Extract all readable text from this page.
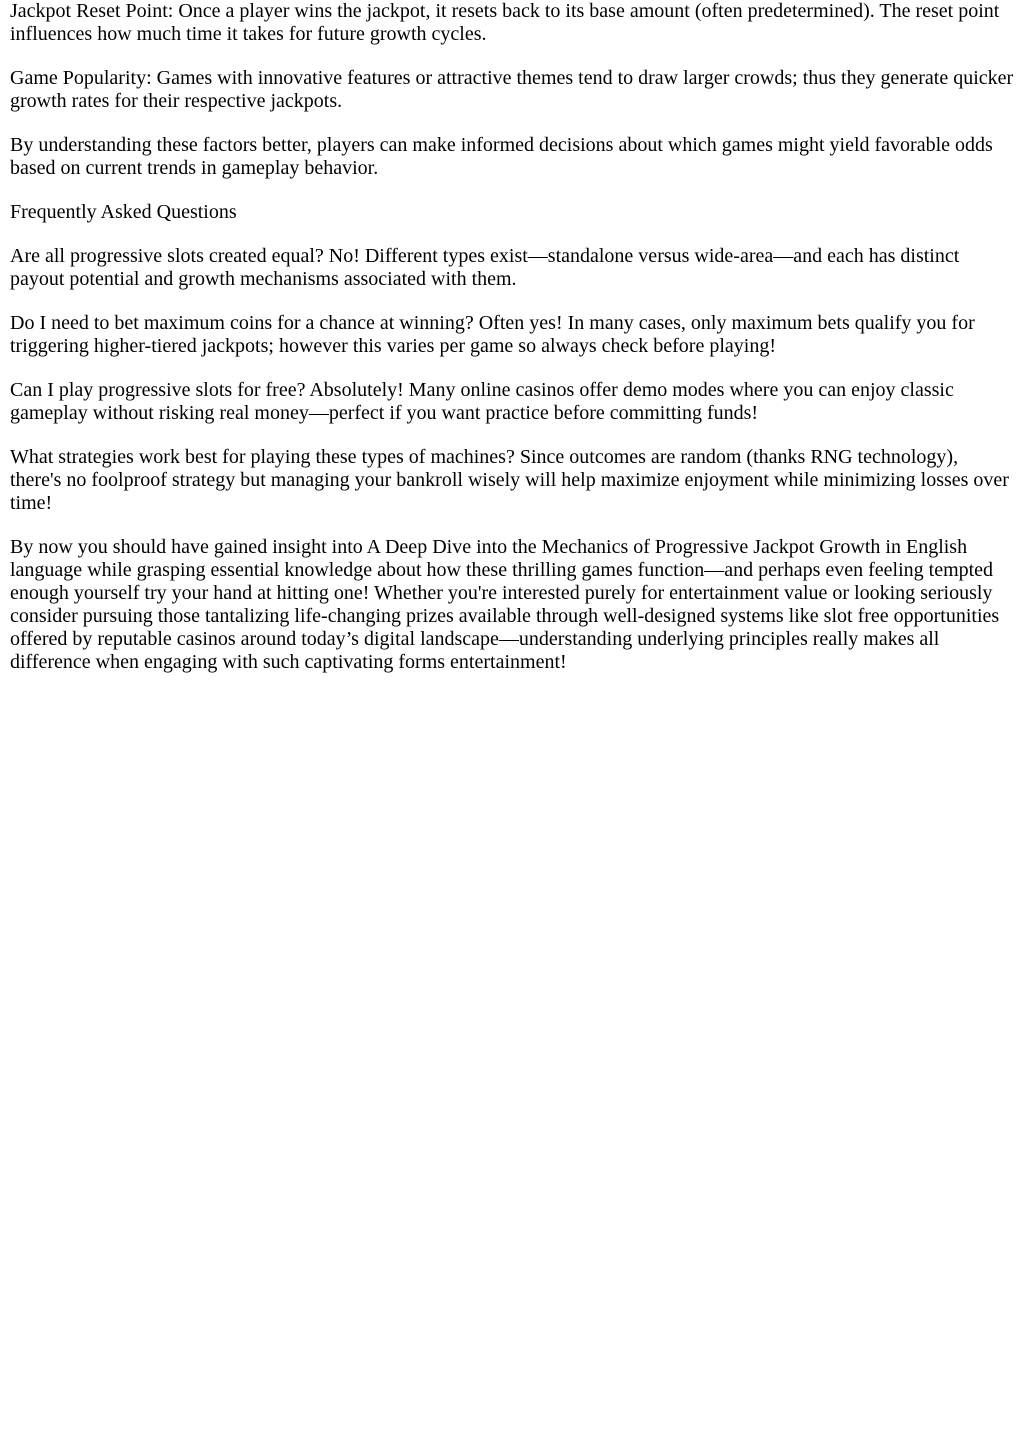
Jackpot Reset Point: Once a player wins the jackpot, it resets back to its base amount (often predetermined). The reset point influences how much time it takes for future growth cycles.

Game Popularity: Games with innovative features or attractive themes tend to draw larger crowds; thus they generate quicker growth rates for their respective jackpots.

By understanding these factors better, players can make informed decisions about which games might yield favorable odds based on current trends in gameplay behavior.

Frequently Asked Questions

Are all progressive slots created equal? No! Different types exist—standalone versus wide-area—and each has distinct payout potential and growth mechanisms associated with them.

Do I need to bet maximum coins for a chance at winning? Often yes! In many cases, only maximum bets qualify you for triggering higher-tiered jackpots; however this varies per game so always check before playing!

Can I play progressive slots for free? Absolutely! Many online casinos offer demo modes where you can enjoy classic gameplay without risking real money—perfect if you want practice before committing funds!

What strategies work best for playing these types of machines? Since outcomes are random (thanks RNG technology), there's no foolproof strategy but managing your bankroll wisely will help maximize enjoyment while minimizing losses over time!

By now you should have gained insight into A Deep Dive into the Mechanics of Progressive Jackpot Growth in English language while grasping essential knowledge about how these thrilling games function—and perhaps even feeling tempted enough yourself try your hand at hitting one! Whether you're interested purely for entertainment value or looking seriously consider pursuing those tantalizing life-changing prizes available through well-designed systems like slot free opportunities offered by reputable casinos around today’s digital landscape—understanding underlying principles really makes all difference when engaging with such captivating forms entertainment!
